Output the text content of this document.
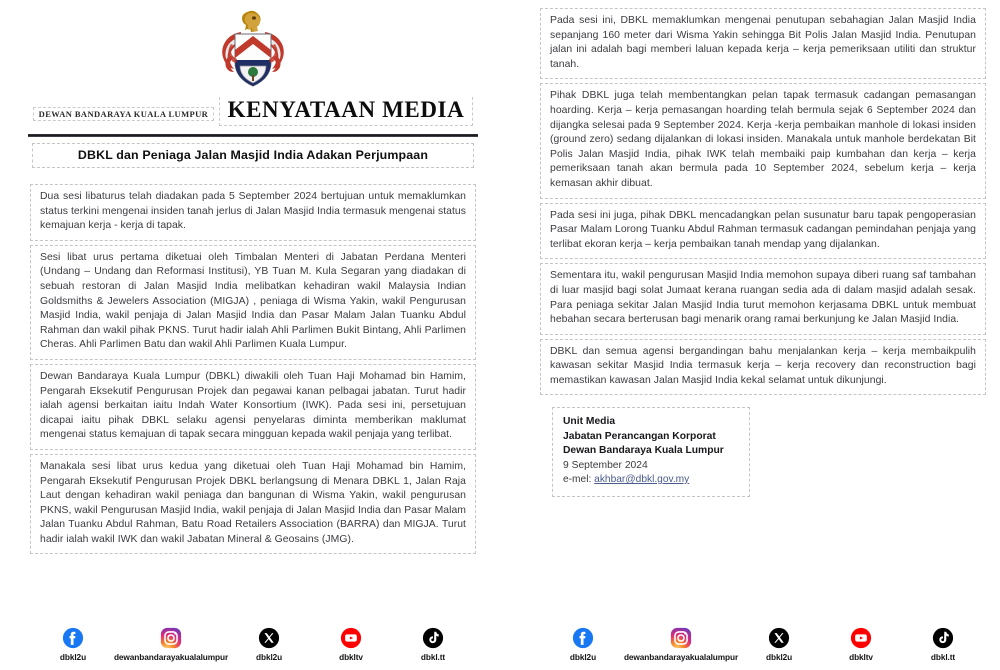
DEWAN BANDARAYA KUALA LUMPUR KENYATAAN MEDIA
DBKL dan Peniaga Jalan Masjid India Adakan Perjumpaan

Dua sesi libaturus telah diadakan pada 5 September 2024 bertujuan untuk memaklumkan status terkini mengenai insiden tanah jerlus di Jalan Masjid India termasuk mengenai status kemajuan kerja - kerja di tapak.

Sesi libat urus pertama diketuai oleh Timbalan Menteri di Jabatan Perdana Menteri (Undang – Undang dan Reformasi Institusi), YB Tuan M. Kula Segaran yang diadakan di sebuah restoran di Jalan Masjid India melibatkan kehadiran wakil Malaysia Indian Goldsmiths & Jewelers Association (MIGJA) , peniaga di Wisma Yakin, wakil Pengurusan Masjid India, wakil penjaja di Jalan Masjid India dan Pasar Malam Jalan Tuanku Abdul Rahman dan wakil pihak PKNS. Turut hadir ialah Ahli Parlimen Bukit Bintang, Ahli Parlimen Cheras. Ahli Parlimen Batu dan wakil Ahli Parlimen Kuala Lumpur.

Dewan Bandaraya Kuala Lumpur (DBKL) diwakili oleh Tuan Haji Mohamad bin Hamim, Pengarah Eksekutif Pengurusan Projek dan pegawai kanan pelbagai jabatan. Turut hadir ialah agensi berkaitan iaitu Indah Water Konsortium (IWK). Pada sesi ini, persetujuan dicapai iaitu pihak DBKL selaku agensi penyelaras diminta memberikan maklumat mengenai status kemajuan di tapak secara mingguan kepada wakil penjaja yang terlibat.

Manakala sesi libat urus kedua yang diketuai oleh Tuan Haji Mohamad bin Hamim, Pengarah Eksekutif Pengurusan Projek DBKL berlangsung di Menara DBKL 1, Jalan Raja Laut dengan kehadiran wakil peniaga dan bangunan di Wisma Yakin, wakil pengurusan PKNS, wakil Pengurusan Masjid India, wakil penjaja di Jalan Masjid India dan Pasar Malam Jalan Tuanku Abdul Rahman, Batu Road Retailers Association (BARRA) dan MIGJA. Turut hadir ialah wakil IWK dan wakil Jabatan Mineral & Geosains (JMG).

dbkl2u	dewanbandarayakualalumpur	dbkl2u	dbkltv	dbkl.tt

Pada sesi ini, DBKL memaklumkan mengenai penutupan sebahagian Jalan Masjid India sepanjang 160 meter dari Wisma Yakin sehingga Bit Polis Jalan Masjid India. Penutupan jalan ini adalah bagi memberi laluan kepada kerja – kerja pemeriksaan utiliti dan struktur tanah.

Pihak DBKL juga telah membentangkan pelan tapak termasuk cadangan pemasangan hoarding. Kerja – kerja pemasangan hoarding telah bermula sejak 6 September 2024 dan dijangka selesai pada 9 September 2024. Kerja -kerja pembaikan manhole di lokasi insiden (ground zero) sedang dijalankan di lokasi insiden. Manakala untuk manhole berdekatan Bit Polis Jalan Masjid India, pihak IWK telah membaiki paip kumbahan dan kerja – kerja pemeriksaan tanah akan bermula pada 10 September 2024, sebelum kerja – kerja kemasan akhir dibuat.

Pada sesi ini juga, pihak DBKL mencadangkan pelan susunatur baru tapak pengoperasian Pasar Malam Lorong Tuanku Abdul Rahman termasuk cadangan pemindahan penjaja yang terlibat ekoran kerja – kerja pembaikan tanah mendap yang dijalankan.

Sementara itu, wakil pengurusan Masjid India memohon supaya diberi ruang saf tambahan di luar masjid bagi solat Jumaat kerana ruangan sedia ada di dalam masjid adalah sesak. Para peniaga sekitar Jalan Masjid India turut memohon kerjasama DBKL untuk membuat hebahan secara berterusan bagi menarik orang ramai berkunjung ke Jalan Masjid India.

DBKL dan semua agensi bergandingan bahu menjalankan kerja – kerja membaikpulih kawasan sekitar Masjid India termasuk kerja – kerja recovery dan reconstruction bagi memastikan kawasan Jalan Masjid India kekal selamat untuk dikunjungi.

Unit Media
Jabatan Perancangan Korporat
Dewan Bandaraya Kuala Lumpur
9 September 2024
e-mel: akhbar@dbkl.gov.my
dbkl2u	dewanbandarayakualalumpur	dbkl2u	dbkltv	dbkl.tt
